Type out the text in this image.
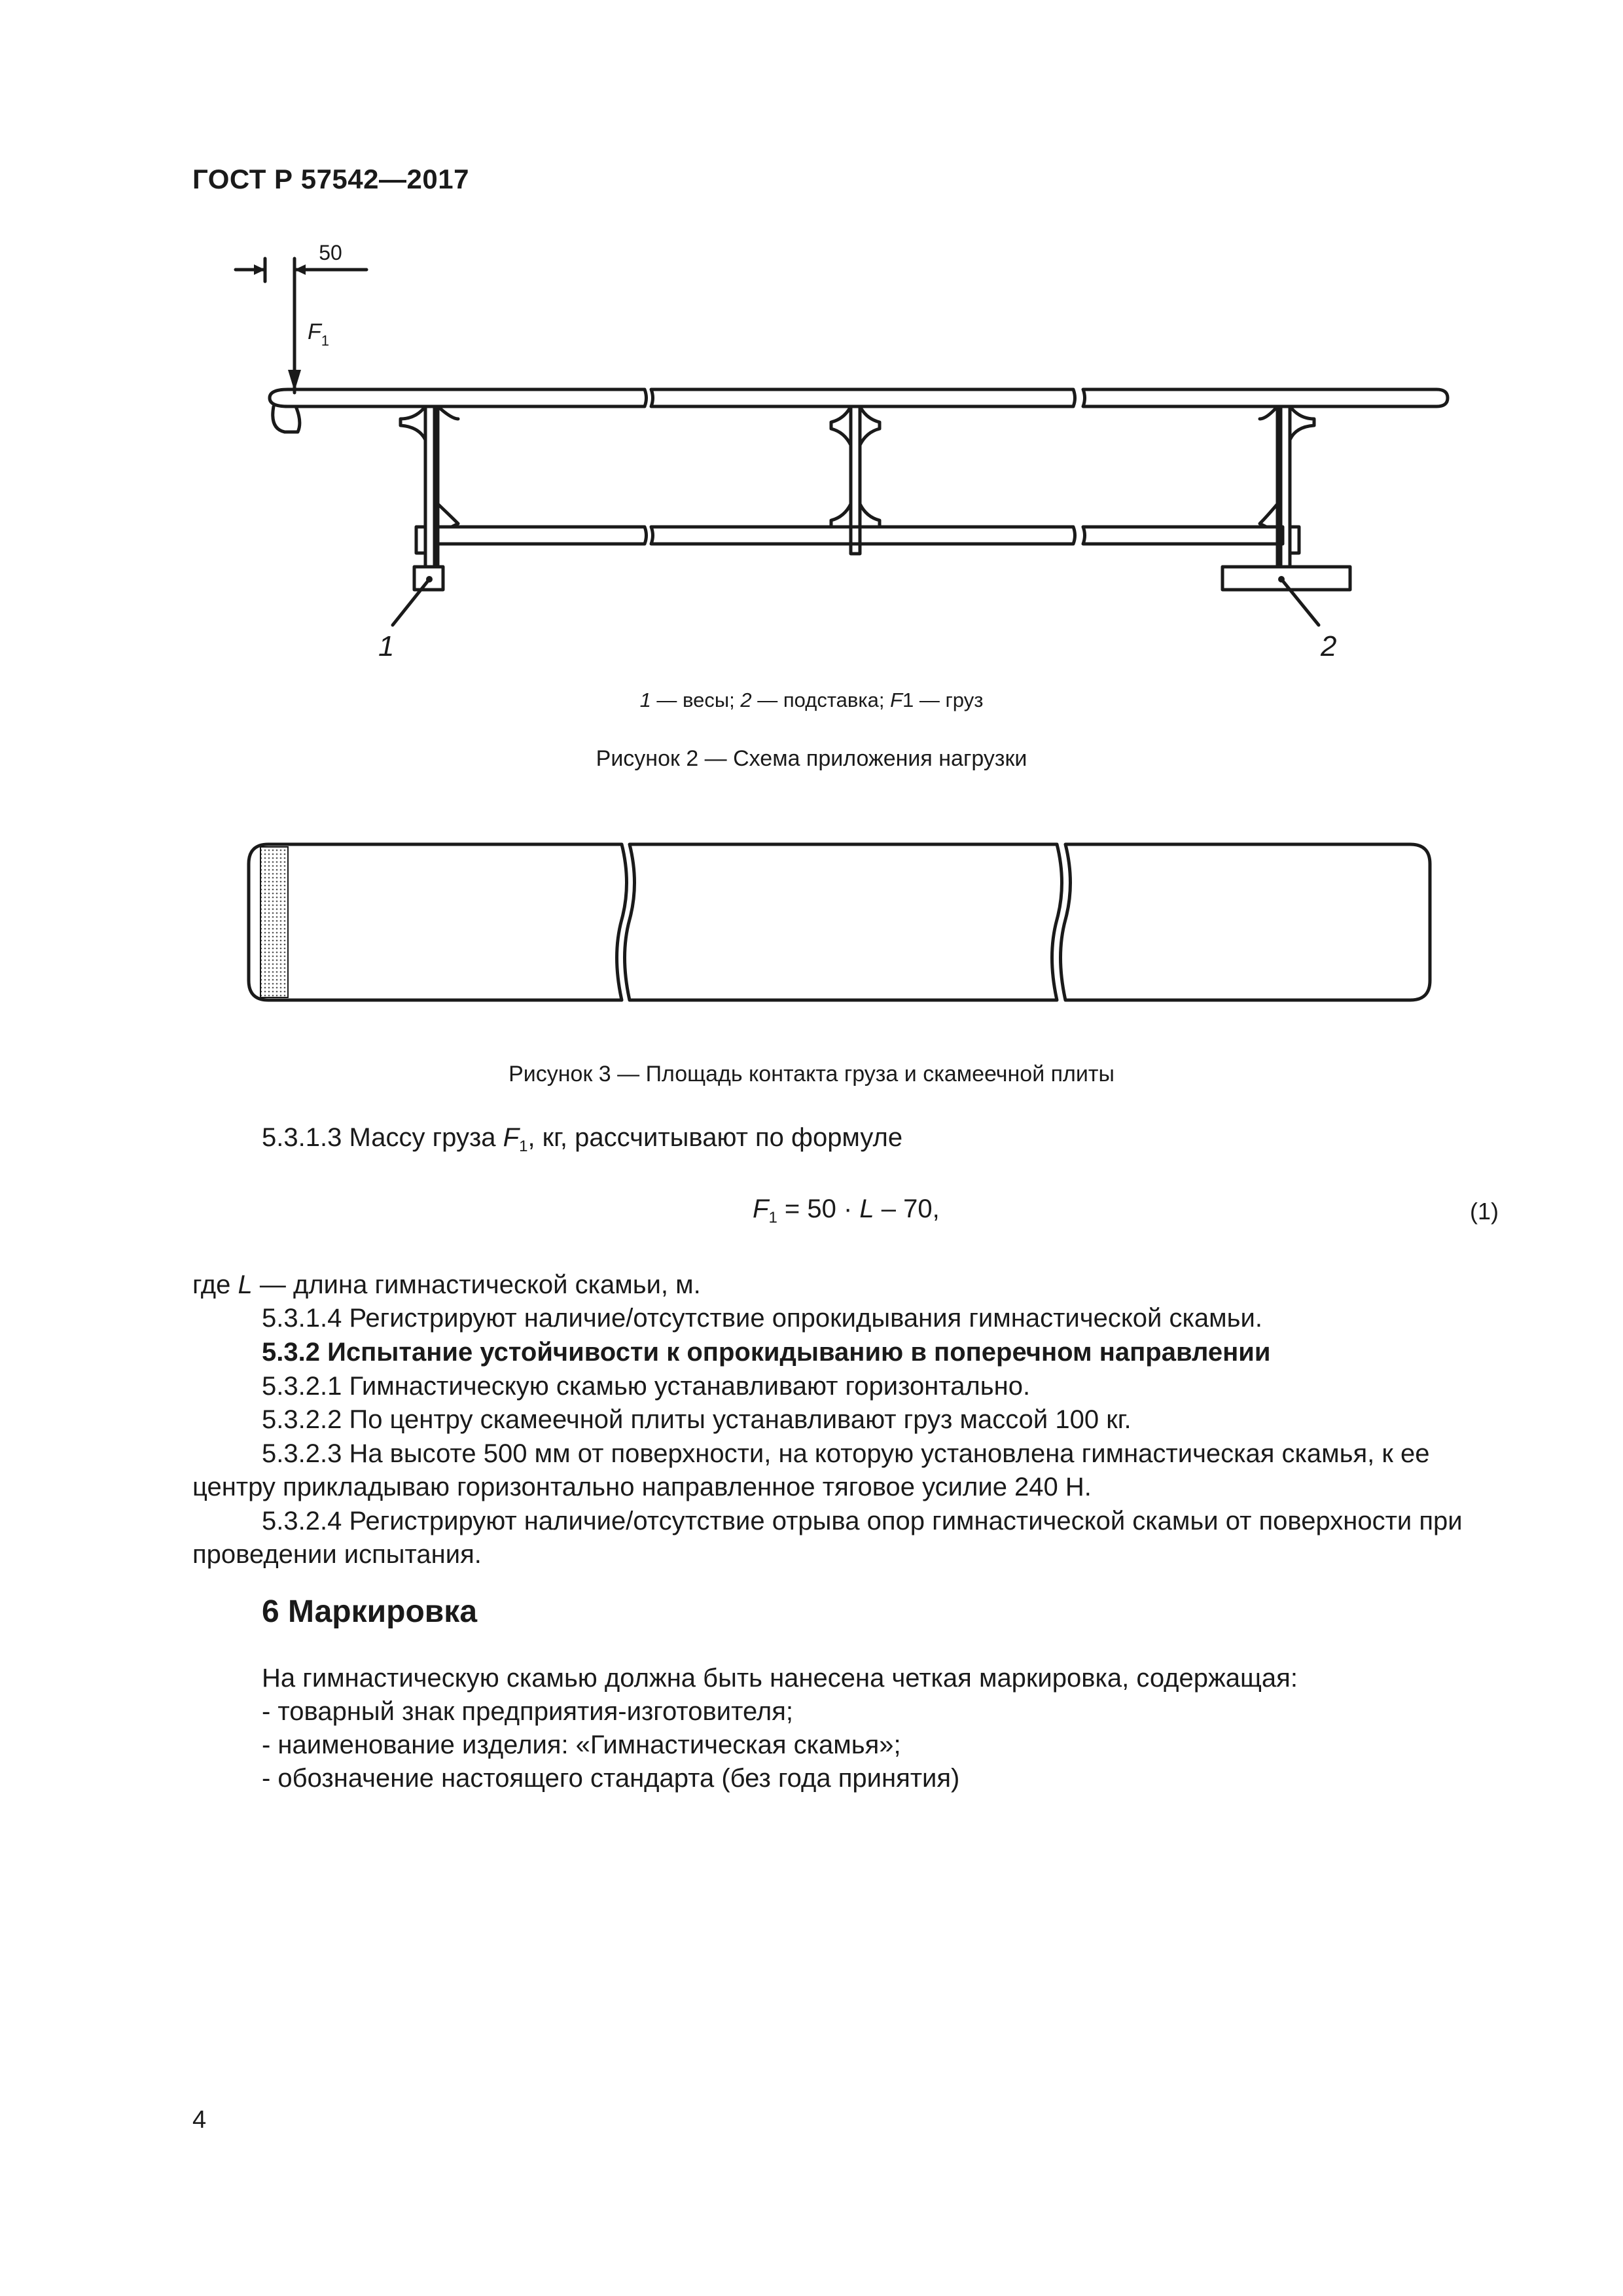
ГОСТ Р 57542—2017
50
$F_1$
1	2
1 — весы; 2 — подставка; F1 — груз
Рисунок 2 — Схема приложения нагрузки
Рисунок 3 — Площадь контакта груза и скамеечной плиты
5.3.1.3 Массу груза $F_1$, кг, рассчитывают по формуле
$F_1 = 50 \cdot L - 70$,	(1)
где L — длина гимнастической скамьи, м.
5.3.1.4 Регистрируют наличие/отсутствие опрокидывания гимнастической скамьи.
5.3.2 Испытание устойчивости к опрокидыванию в поперечном направлении
5.3.2.1 Гимнастическую скамью устанавливают горизонтально.
5.3.2.2 По центру скамеечной плиты устанавливают груз массой 100 кг.
5.3.2.3 На высоте 500 мм от поверхности, на которую установлена гимнастическая скамья, к ее
центру прикладываю горизонтально направленное тяговое усилие 240 Н.
5.3.2.4 Регистрируют наличие/отсутствие отрыва опор гимнастической скамьи от поверхности при
проведении испытания.
6 Маркировка
На гимнастическую скамью должна быть нанесена четкая маркировка, содержащая:
- товарный знак предприятия-изготовителя;
- наименование изделия: «Гимнастическая скамья»;
- обозначение настоящего стандарта (без года принятия)
4
